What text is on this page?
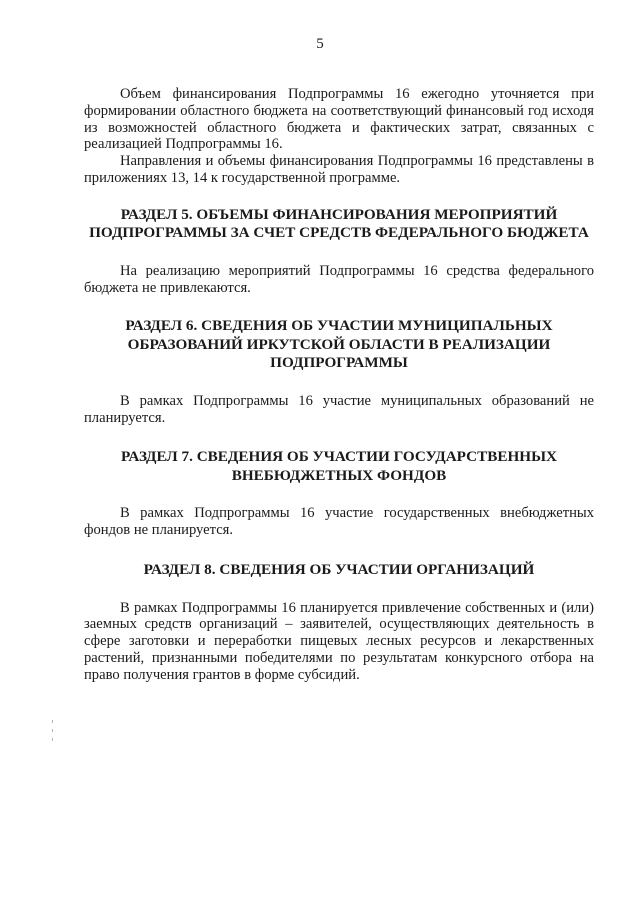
5

Объем финансирования Подпрограммы 16 ежегодно уточняется при формировании областного бюджета на соответствующий финансовый год исходя из возможностей областного бюджета и фактических затрат, связанных с реализацией Подпрограммы 16.

Направления и объемы финансирования Подпрограммы 16 представлены в приложениях 13, 14 к государственной программе.

РАЗДЕЛ 5. ОБЪЕМЫ ФИНАНСИРОВАНИЯ МЕРОПРИЯТИЙ
ПОДПРОГРАММЫ ЗА СЧЕТ СРЕДСТВ ФЕДЕРАЛЬНОГО БЮДЖЕТА

На реализацию мероприятий Подпрограммы 16 средства федерального бюджета не привлекаются.

РАЗДЕЛ 6. СВЕДЕНИЯ ОБ УЧАСТИИ МУНИЦИПАЛЬНЫХ
ОБРАЗОВАНИЙ ИРКУТСКОЙ ОБЛАСТИ В РЕАЛИЗАЦИИ
ПОДПРОГРАММЫ

В рамках Подпрограммы 16 участие муниципальных образований не планируется.

РАЗДЕЛ 7. СВЕДЕНИЯ ОБ УЧАСТИИ ГОСУДАРСТВЕННЫХ
ВНЕБЮДЖЕТНЫХ ФОНДОВ

В рамках Подпрограммы 16 участие государственных внебюджетных фондов не планируется.

РАЗДЕЛ 8. СВЕДЕНИЯ ОБ УЧАСТИИ ОРГАНИЗАЦИЙ

В рамках Подпрограммы 16 планируется привлечение собственных и (или) заемных средств организаций – заявителей, осуществляющих деятельность в сфере заготовки и переработки пищевых лесных ресурсов и лекарственных растений, признанными победителями по результатам конкурсного отбора на право получения грантов в форме субсидий.
